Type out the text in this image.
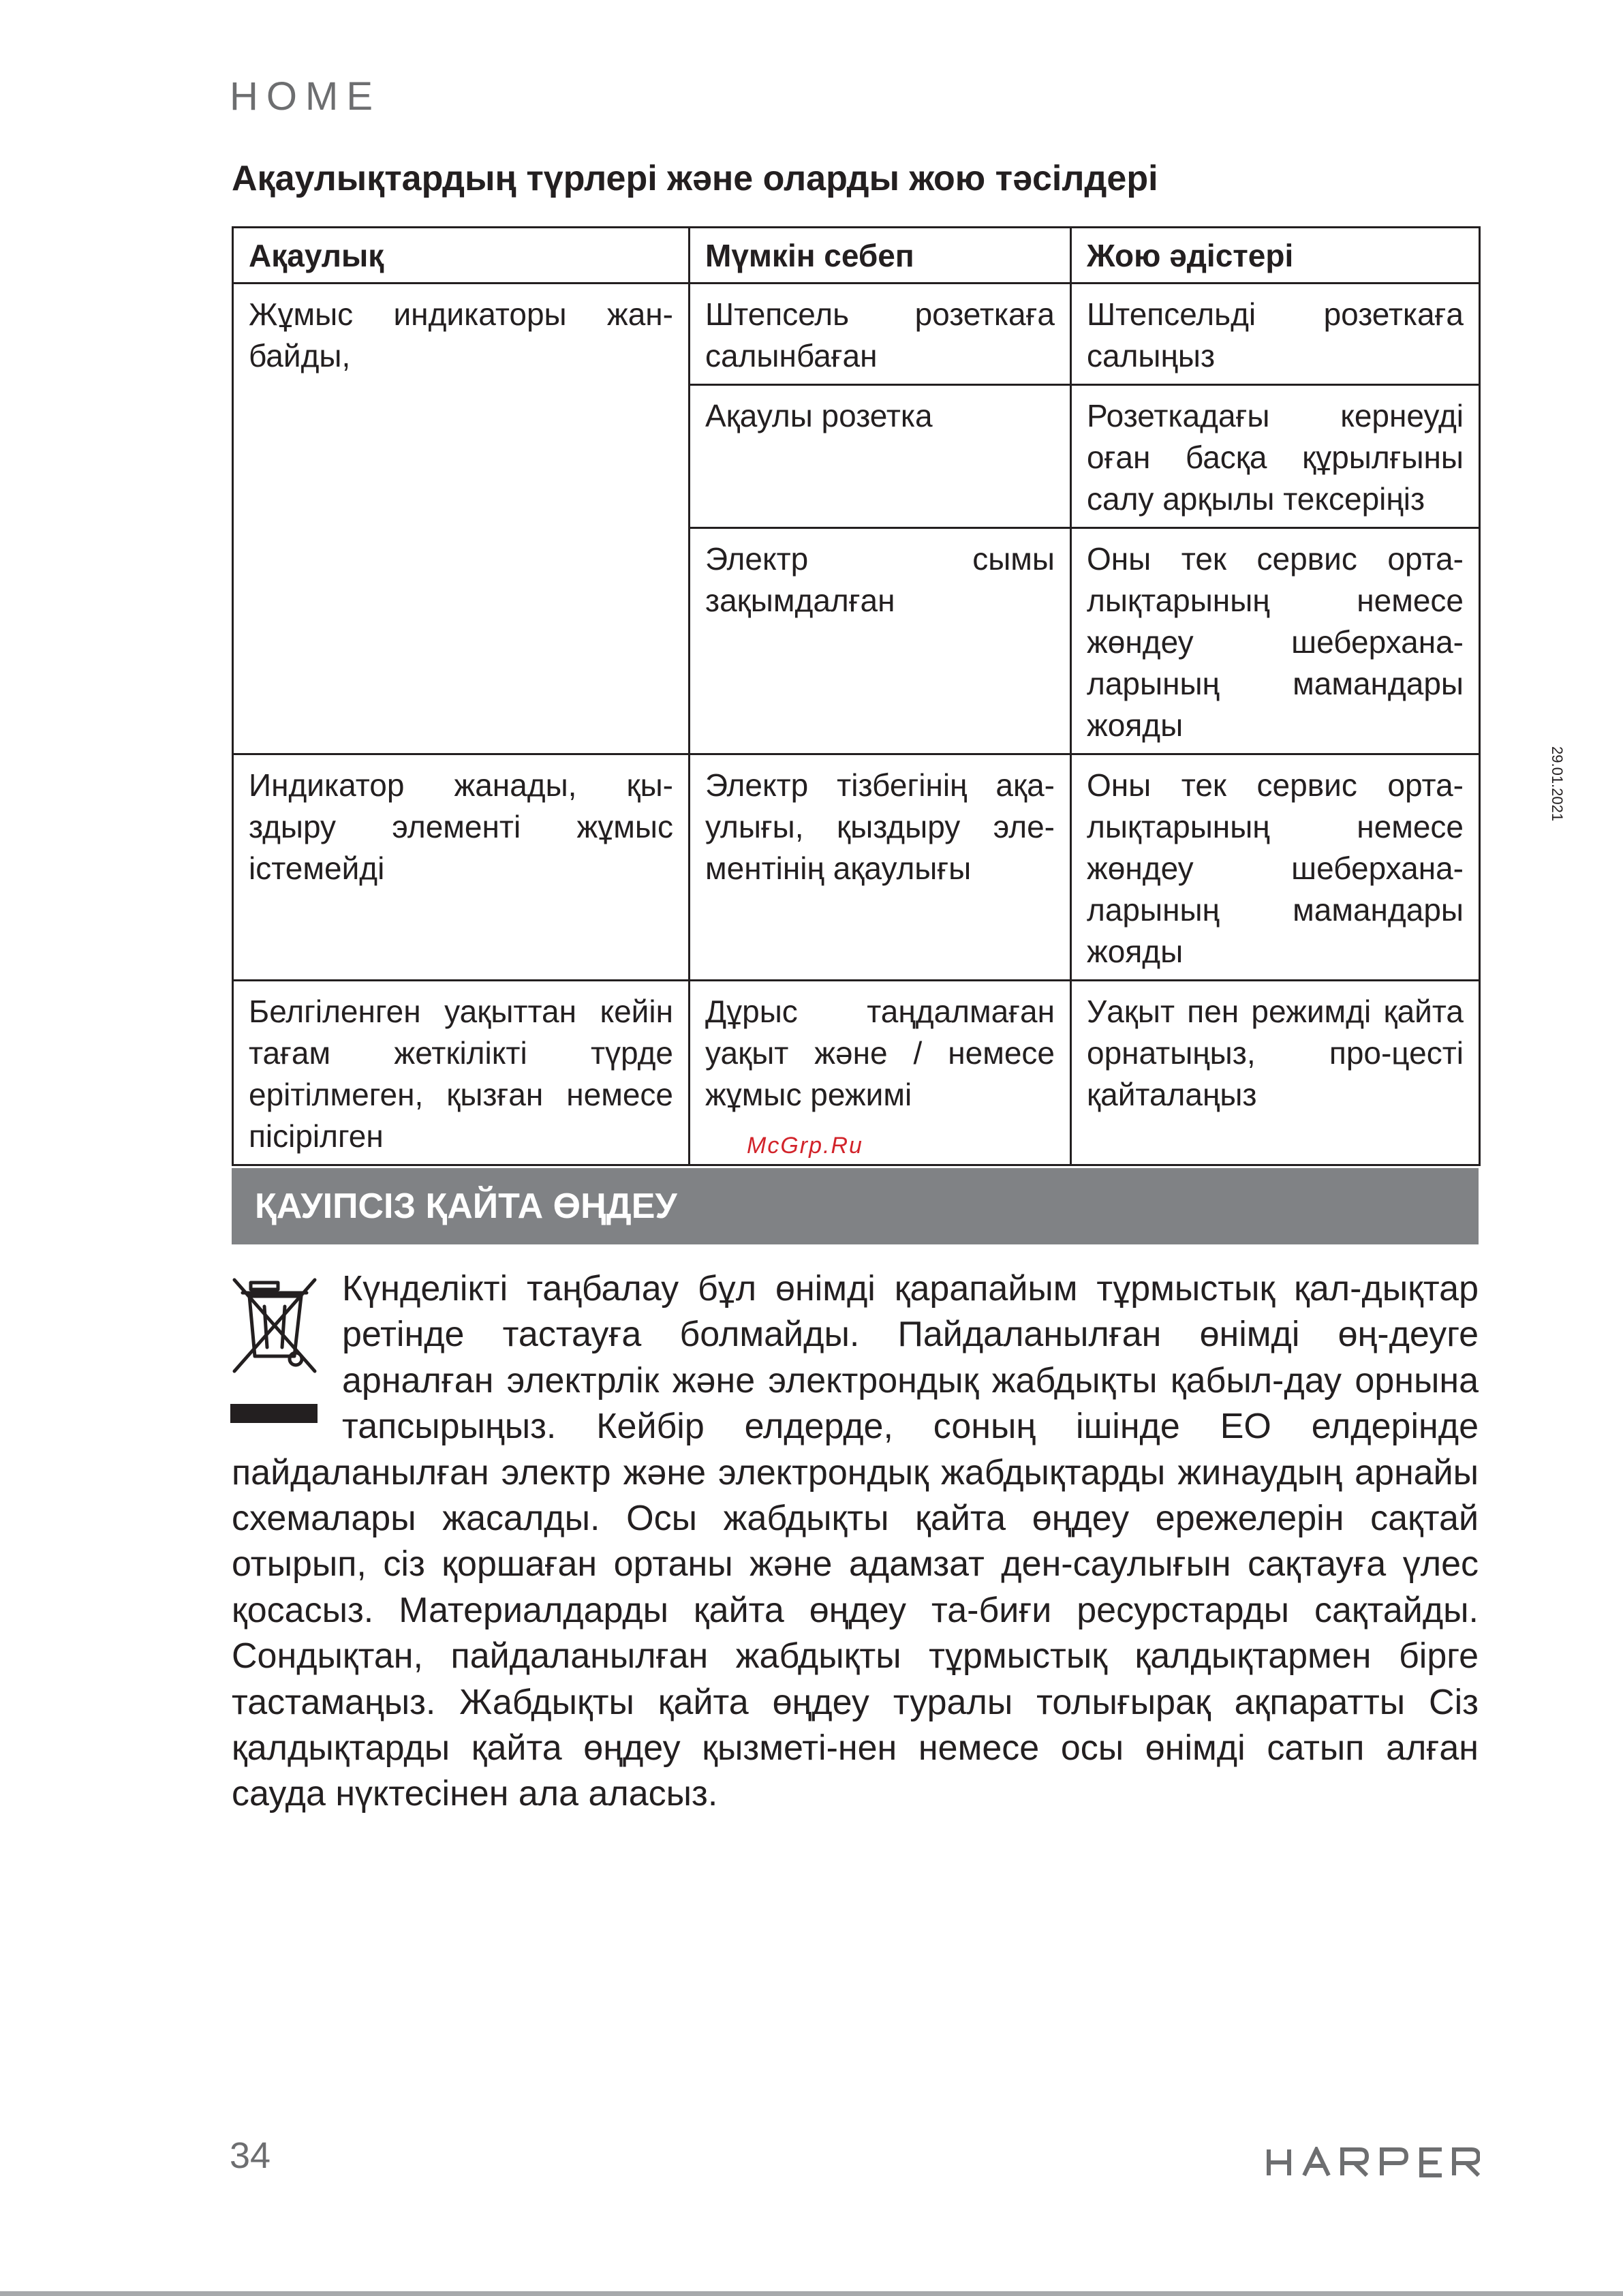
HOME
Ақаулықтардың түрлері және оларды жою тәсілдері
Ақаулық	Мүмкін себеп	Жою әдістері
Жұмыс индикаторы жан-байды,	Штепсель розеткаға салынбаған	Штепсельді розеткаға салыңыз
	Ақаулы розетка	Розеткадағы кернеуді оған басқа құрылғыны салу арқылы тексеріңіз
	Электр сымы зақымдалған	Оны тек сервис орта-лықтарының немесе жөндеу шеберхана-ларының мамандары жояды
Индикатор жанады, қы-здыру элементі жұмыс істемейді	Электр тізбегінің ақа-улығы, қыздыру эле-ментінің ақаулығы	Оны тек сервис орта-лықтарының немесе жөндеу шеберхана-ларының мамандары жояды
Белгіленген уақыттан кейін тағам жеткілікті түрде ерітілмеген, қызған немесе пісірілген	Дұрыс таңдалмаған уақыт және / немесе жұмыс режимі	Уақыт пен режимді қайта орнатыңыз, про-цесті қайталаңыз
McGrp.Ru
29.01.2021
ҚАУІПСІЗ ҚАЙТА ӨҢДЕУ

Күнделікті таңбалау бұл өнімді қарапайым тұрмыстық қал-дықтар ретінде тастауға болмайды. Пайдаланылған өнімді өң-деуге арналған электрлік және электрондық жабдықты қабыл-дау орнына тапсырыңыз. Кейбір елдерде, соның ішінде ЕО елдерінде пайдаланылған электр және электрондық жабдықтарды жинаудың арнайы схемалары жасалды. Осы жабдықты қайта өңдеу ережелерін сақтай отырып, сіз қоршаған ортаны және адамзат ден-саулығын сақтауға үлес қосасыз. Материалдарды қайта өңдеу та-биғи ресурстарды сақтайды. Сондықтан, пайдаланылған жабдықты тұрмыстық қалдықтармен бірге тастамаңыз. Жабдықты қайта өңдеу туралы толығырақ ақпаратты Сіз қалдықтарды қайта өңдеу қызметі-нен немесе осы өнімді сатып алған сауда нүктесінен ала аласыз.

34
